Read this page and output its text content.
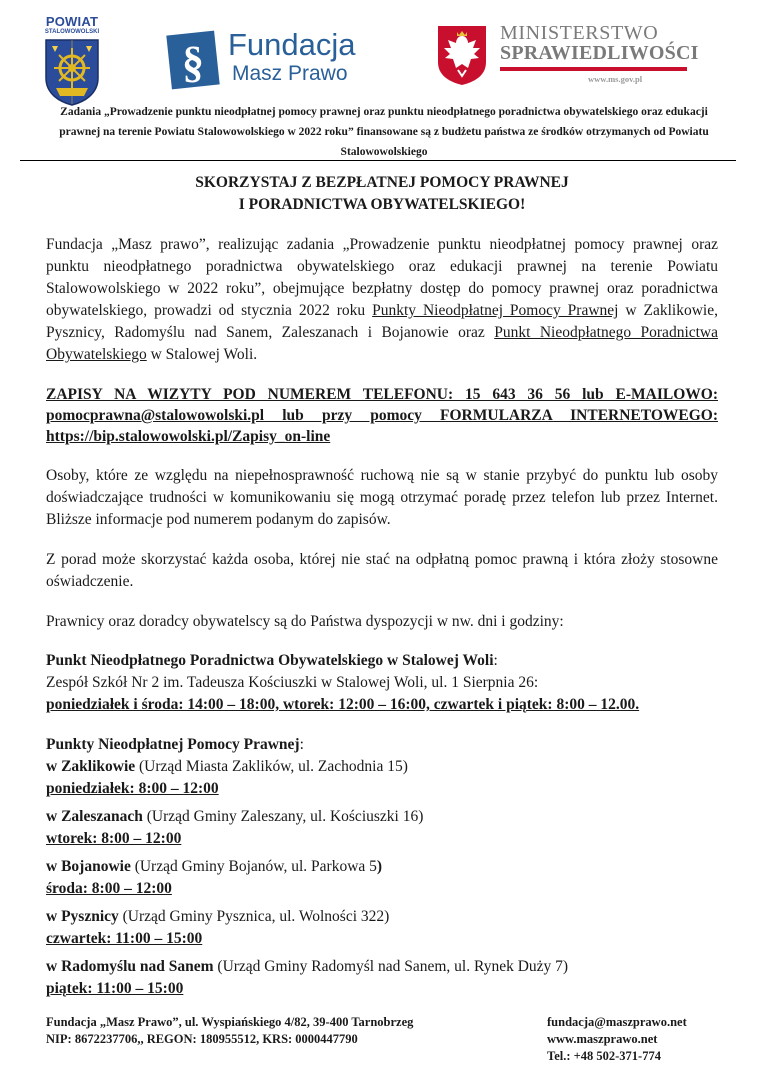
POWIAT
STALOWOWOLSKI
§ Fundacja
Masz Prawo
MINISTERSTWO
SPRAWIEDLIWOŚCI
www.ms.gov.pl
Zadania „Prowadzenie punktu nieodpłatnej pomocy prawnej oraz punktu nieodpłatnego poradnictwa obywatelskiego oraz edukacji prawnej na terenie Powiatu Stalowowolskiego w 2022 roku” finansowane są z budżetu państwa ze środków otrzymanych od Powiatu Stalowowolskiego
SKORZYSTAJ Z BEZPŁATNEJ POMOCY PRAWNEJ
I PORADNICTWA OBYWATELSKIEGO!

Fundacja „Masz prawo”, realizując zadania „Prowadzenie punktu nieodpłatnej pomocy prawnej oraz punktu nieodpłatnego poradnictwa obywatelskiego oraz edukacji prawnej na terenie Powiatu Stalowowolskiego w 2022 roku”, obejmujące bezpłatny dostęp do pomocy prawnej oraz poradnictwa obywatelskiego, prowadzi od stycznia 2022 roku Punkty Nieodpłatnej Pomocy Prawnej w Zaklikowie, Pysznicy, Radomyślu nad Sanem, Zaleszanach i Bojanowie oraz Punkt Nieodpłatnego Poradnictwa Obywatelskiego w Stalowej Woli.

ZAPISY NA WIZYTY POD NUMEREM TELEFONU: 15 643 36 56 lub E-MAILOWO: pomocprawna@stalowowolski.pl lub przy pomocy FORMULARZA INTERNETOWEGO: https://bip.stalowowolski.pl/Zapisy_on-line

Osoby, które ze względu na niepełnosprawność ruchową nie są w stanie przybyć do punktu lub osoby doświadczające trudności w komunikowaniu się mogą otrzymać poradę przez telefon lub przez Internet. Bliższe informacje pod numerem podanym do zapisów.

Z porad może skorzystać każda osoba, której nie stać na odpłatną pomoc prawną i która złoży stosowne oświadczenie.

Prawnicy oraz doradcy obywatelscy są do Państwa dyspozycji w nw. dni i godziny:

Punkt Nieodpłatnego Poradnictwa Obywatelskiego w Stalowej Woli:
Zespół Szkół Nr 2 im. Tadeusza Kościuszki w Stalowej Woli, ul. 1 Sierpnia 26:
poniedziałek i środa: 14:00 – 18:00, wtorek: 12:00 – 16:00, czwartek i piątek: 8:00 – 12.00.
Punkty Nieodpłatnej Pomocy Prawnej:
w Zaklikowie (Urząd Miasta Zaklików, ul. Zachodnia 15)
poniedziałek: 8:00 – 12:00
w Zaleszanach (Urząd Gminy Zaleszany, ul. Kościuszki 16)
wtorek: 8:00 – 12:00
w Bojanowie (Urząd Gminy Bojanów, ul. Parkowa 5)
środa: 8:00 – 12:00
w Pysznicy (Urząd Gminy Pysznica, ul. Wolności 322)
czwartek: 11:00 – 15:00
w Radomyślu nad Sanem (Urząd Gminy Radomyśl nad Sanem, ul. Rynek Duży 7)
piątek: 11:00 – 15:00
Fundacja „Masz Prawo”, ul. Wyspiańskiego 4/82, 39-400 Tarnobrzeg
NIP: 8672237706,, REGON: 180955512, KRS: 0000447790
fundacja@maszprawo.net
www.maszprawo.net
Tel.: +48 502-371-774
